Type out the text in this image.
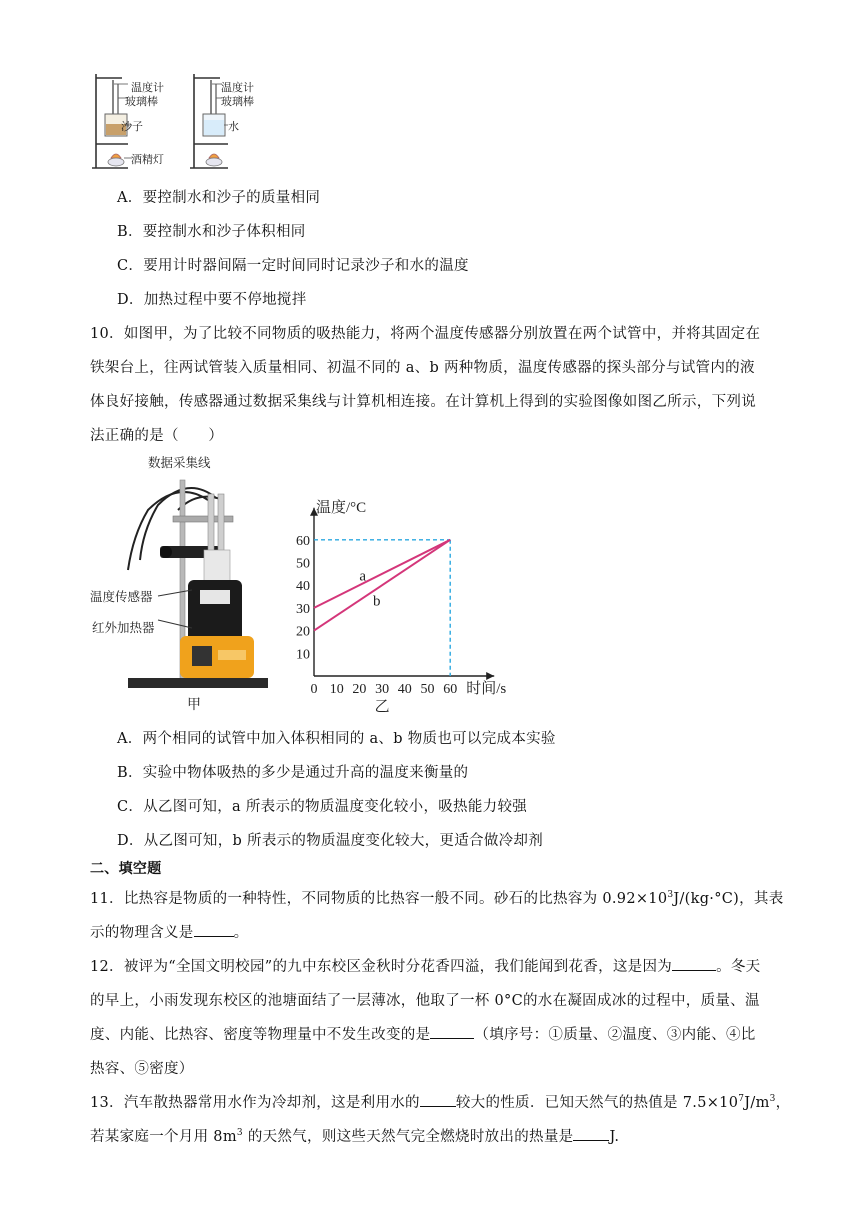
温度计
玻璃棒
沙子
酒精灯
温度计
玻璃棒
水
A．要控制水和沙子的质量相同
B．要控制水和沙子体积相同
C．要用计时器间隔一定时间同时记录沙子和水的温度
D．加热过程中要不停地搅拌
10．如图甲，为了比较不同物质的吸热能力，将两个温度传感器分别放置在两个试管中，并将其固定在
铁架台上，往两试管装入质量相同、初温不同的 a、b 两种物质，温度传感器的探头部分与试管内的液
体良好接触，传感器通过数据采集线与计算机相连接。在计算机上得到的实验图像如图乙所示，下列说
法正确的是（　　）
数据采集线
温度传感器
红外加热器
甲
温度/°C
时间/s
0 10 20 30 40 50 60
10
20
30
40
50
60
a
b
乙
A．两个相同的试管中加入体积相同的 a、b 物质也可以完成本实验
B．实验中物体吸热的多少是通过升高的温度来衡量的
C．从乙图可知，a 所表示的物质温度变化较小，吸热能力较强
D．从乙图可知，b 所表示的物质温度变化较大，更适合做冷却剂
二、填空题
11．比热容是物质的一种特性，不同物质的比热容一般不同。砂石的比热容为 $0.92\times 10^3J/(kg\cdot^\circ C)$，其表
示的物理含义是	。
12．被评为“全国文明校园”的九中东校区金秋时分花香四溢，我们能闻到花香，这是因为	。冬天
的早上，小雨发现东校区的池塘面结了一层薄冰，他取了一杯 0°C的水在凝固成冰的过程中，质量、温
度、内能、比热容、密度等物理量中不发生改变的是	（填序号：①质量、②温度、③内能、④比
热容、⑤密度）
13．汽车散热器常用水作为冷却剂，这是利用水的 较大的性质．已知天然气的热值是 $7.5\times 10^7J/m^3$，
若某家庭一个月用 $8m^3$ 的天然气，则这些天然气完全燃烧时放出的热量是 J.
